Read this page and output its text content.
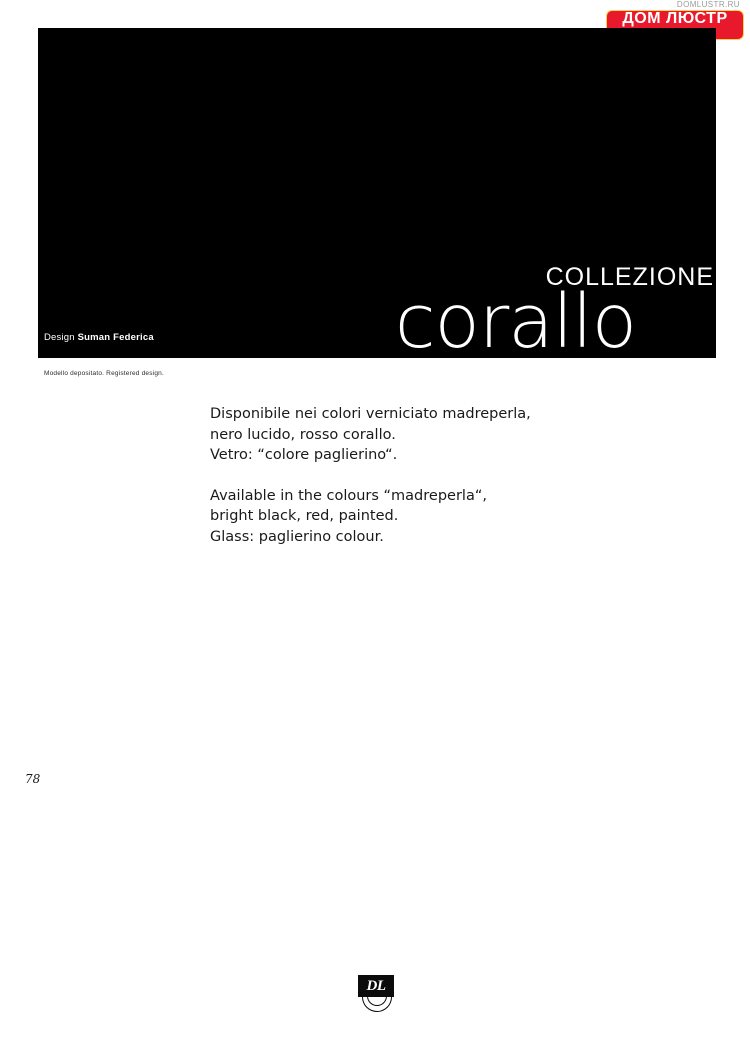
DOMLUSTR.RU
ДОМ ЛЮСТР
COLLEZIONE
corallo
Design Suman Federica
Modello depositato. Registered design.
Disponibile nei colori verniciato madreperla,
nero lucido, rosso corallo.
Vetro: “colore paglierino“.
Available in the colours “madreperla“,
bright black, red, painted.
Glass: paglierino colour.
78
DL
